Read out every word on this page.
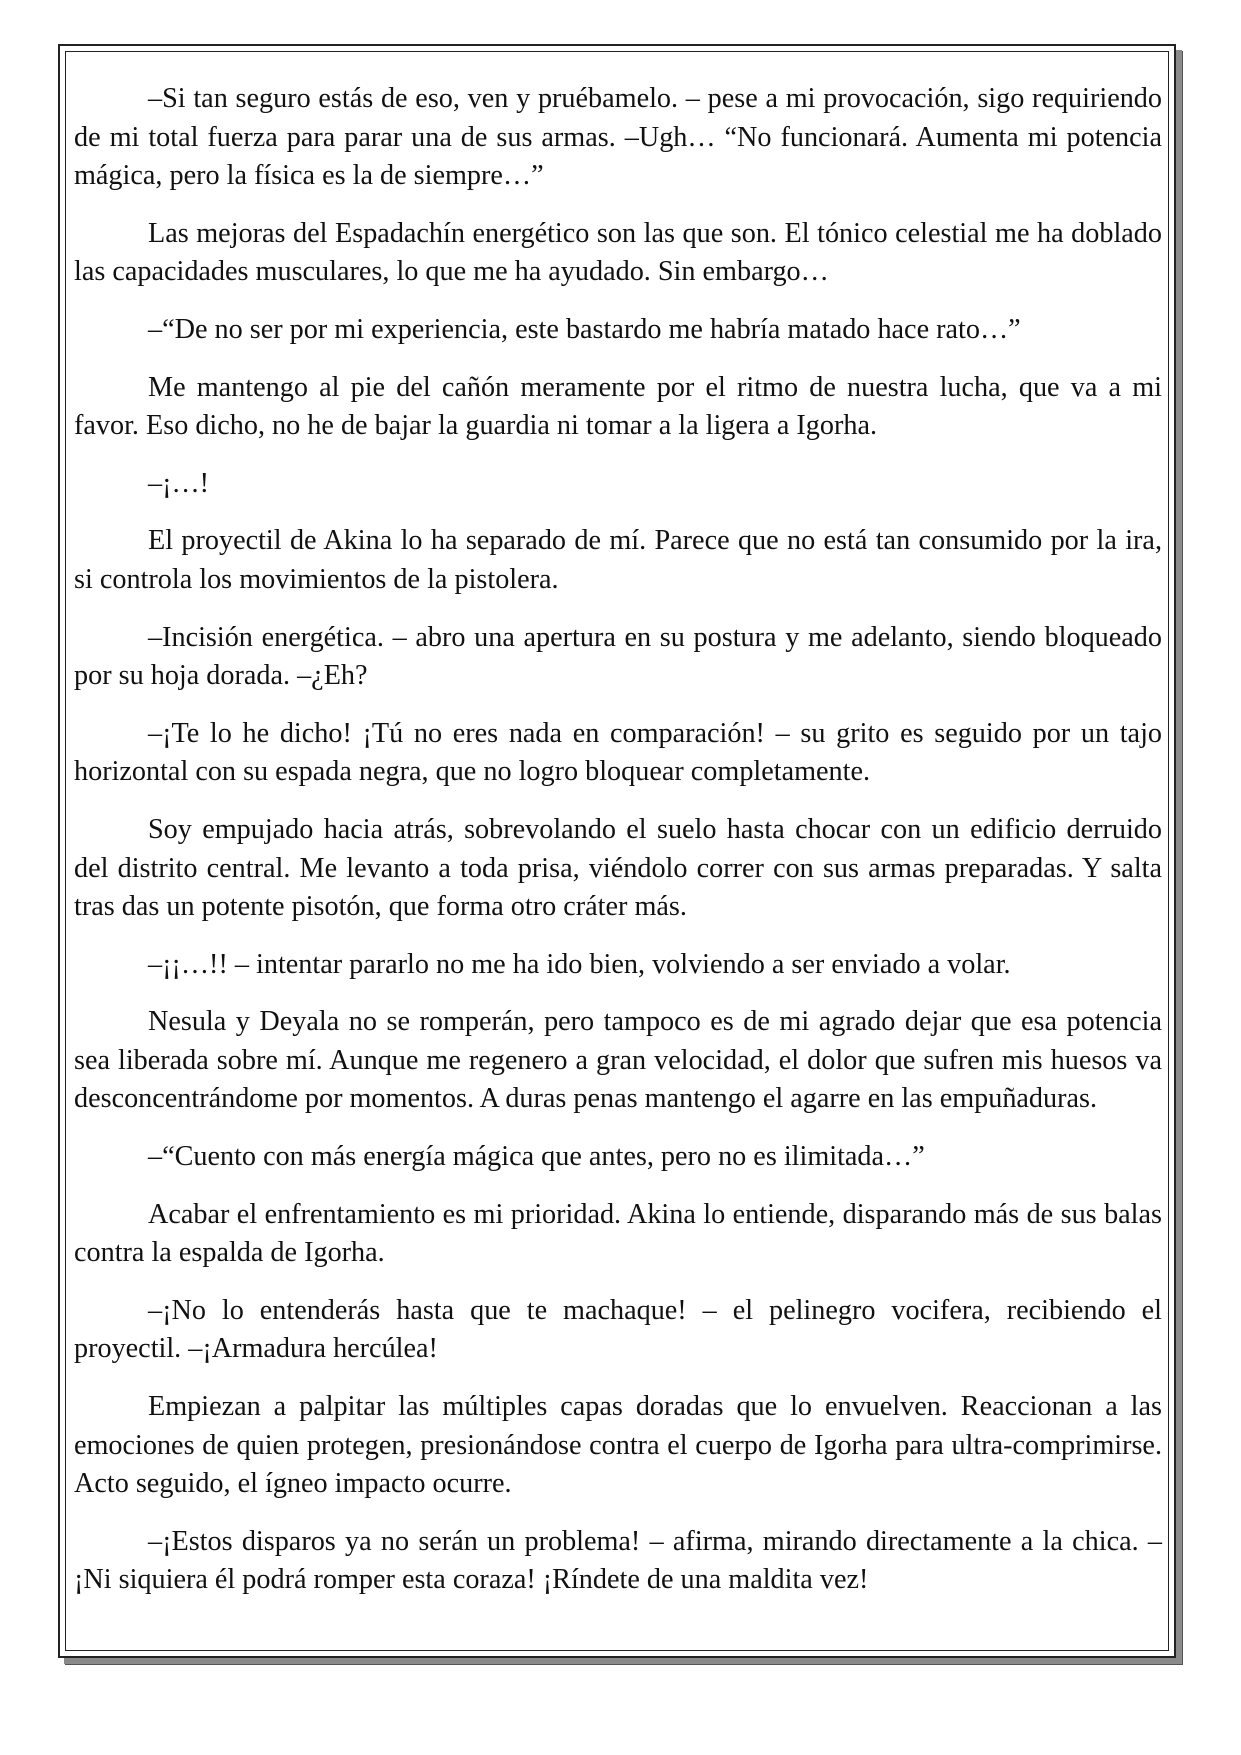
–Si tan seguro estás de eso, ven y pruébamelo. – pese a mi provocación, sigo requiriendo de mi total fuerza para parar una de sus armas. –Ugh… “No funcionará. Aumenta mi potencia mágica, pero la física es la de siempre…”

Las mejoras del Espadachín energético son las que son. El tónico celestial me ha doblado las capacidades musculares, lo que me ha ayudado. Sin embargo…

–“De no ser por mi experiencia, este bastardo me habría matado hace rato…”

Me mantengo al pie del cañón meramente por el ritmo de nuestra lucha, que va a mi favor. Eso dicho, no he de bajar la guardia ni tomar a la ligera a Igorha.

–¡…!

El proyectil de Akina lo ha separado de mí. Parece que no está tan consumido por la ira, si controla los movimientos de la pistolera.

–Incisión energética. – abro una apertura en su postura y me adelanto, siendo bloqueado por su hoja dorada. –¿Eh?

–¡Te lo he dicho! ¡Tú no eres nada en comparación! – su grito es seguido por un tajo horizontal con su espada negra, que no logro bloquear completamente.

Soy empujado hacia atrás, sobrevolando el suelo hasta chocar con un edificio derruido del distrito central. Me levanto a toda prisa, viéndolo correr con sus armas preparadas. Y salta tras das un potente pisotón, que forma otro cráter más.

–¡¡…!! – intentar pararlo no me ha ido bien, volviendo a ser enviado a volar.

Nesula y Deyala no se romperán, pero tampoco es de mi agrado dejar que esa potencia sea liberada sobre mí. Aunque me regenero a gran velocidad, el dolor que sufren mis huesos va desconcentrándome por momentos. A duras penas mantengo el agarre en las empuñaduras.

–“Cuento con más energía mágica que antes, pero no es ilimitada…”

Acabar el enfrentamiento es mi prioridad. Akina lo entiende, disparando más de sus balas contra la espalda de Igorha.

–¡No lo entenderás hasta que te machaque! – el pelinegro vocifera, recibiendo el proyectil. –¡Armadura hercúlea!

Empiezan a palpitar las múltiples capas doradas que lo envuelven. Reaccionan a las emociones de quien protegen, presionándose contra el cuerpo de Igorha para ultra-comprimirse. Acto seguido, el ígneo impacto ocurre.

–¡Estos disparos ya no serán un problema! – afirma, mirando directamente a la chica. –¡Ni siquiera él podrá romper esta coraza! ¡Ríndete de una maldita vez!
